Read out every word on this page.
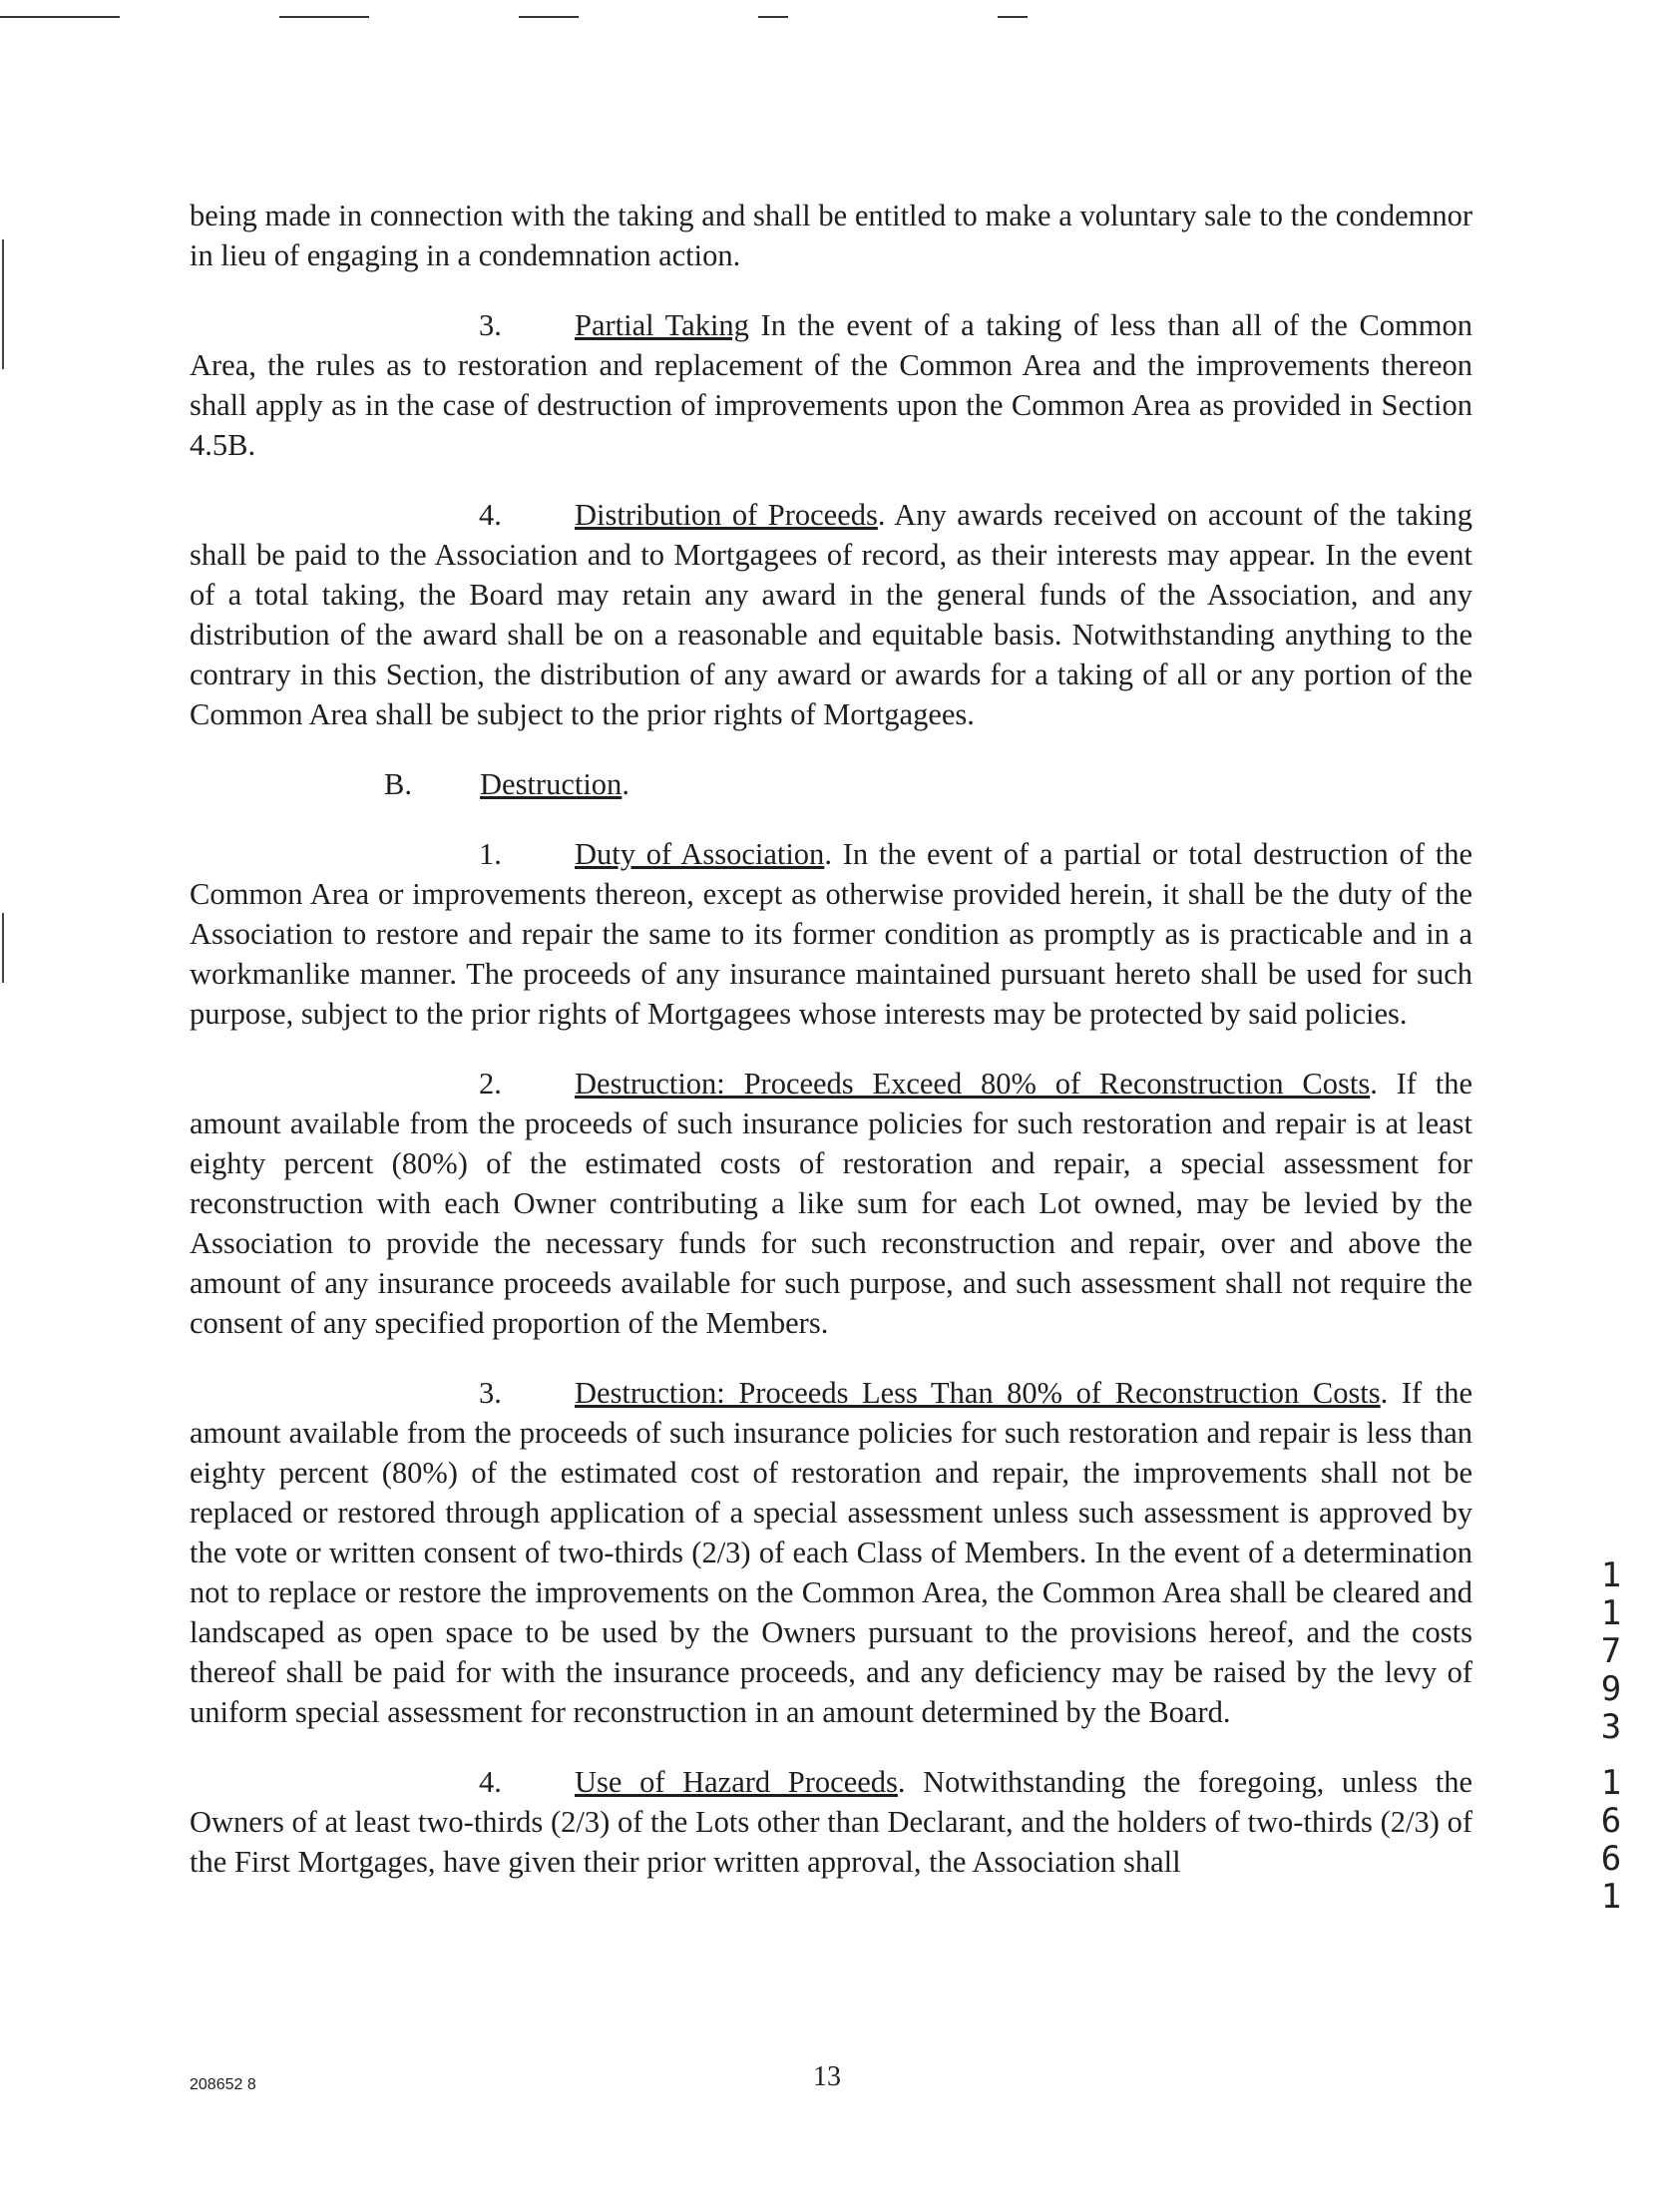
being made in connection with the taking and shall be entitled to make a voluntary sale to the condemnor in lieu of engaging in a condemnation action.

3. Partial Taking In the event of a taking of less than all of the Common Area, the rules as to restoration and replacement of the Common Area and the improvements thereon shall apply as in the case of destruction of improvements upon the Common Area as provided in Section 4.5B.

4. Distribution of Proceeds. Any awards received on account of the taking shall be paid to the Association and to Mortgagees of record, as their interests may appear. In the event of a total taking, the Board may retain any award in the general funds of the Association, and any distribution of the award shall be on a reasonable and equitable basis. Notwithstanding anything to the contrary in this Section, the distribution of any award or awards for a taking of all or any portion of the Common Area shall be subject to the prior rights of Mortgagees.

B. Destruction.

1. Duty of Association. In the event of a partial or total destruction of the Common Area or improvements thereon, except as otherwise provided herein, it shall be the duty of the Association to restore and repair the same to its former condition as promptly as is practicable and in a workmanlike manner. The proceeds of any insurance maintained pursuant hereto shall be used for such purpose, subject to the prior rights of Mortgagees whose interests may be protected by said policies.

2. Destruction: Proceeds Exceed 80% of Reconstruction Costs. If the amount available from the proceeds of such insurance policies for such restoration and repair is at least eighty percent (80%) of the estimated costs of restoration and repair, a special assessment for reconstruction with each Owner contributing a like sum for each Lot owned, may be levied by the Association to provide the necessary funds for such reconstruction and repair, over and above the amount of any insurance proceeds available for such purpose, and such assessment shall not require the consent of any specified proportion of the Members.

3. Destruction: Proceeds Less Than 80% of Reconstruction Costs. If the amount available from the proceeds of such insurance policies for such restoration and repair is less than eighty percent (80%) of the estimated cost of restoration and repair, the improvements shall not be replaced or restored through application of a special assessment unless such assessment is approved by the vote or written consent of two-thirds (2/3) of each Class of Members. In the event of a determination not to replace or restore the improvements on the Common Area, the Common Area shall be cleared and landscaped as open space to be used by the Owners pursuant to the provisions hereof, and the costs thereof shall be paid for with the insurance proceeds, and any deficiency may be raised by the levy of uniform special assessment for reconstruction in an amount determined by the Board.

4. Use of Hazard Proceeds. Notwithstanding the foregoing, unless the Owners of at least two-thirds (2/3) of the Lots other than Declarant, and the holders of two-thirds (2/3) of the First Mortgages, have given their prior written approval, the Association shall

1
1
7
9
3
1
6
6
1
208652 8	13
